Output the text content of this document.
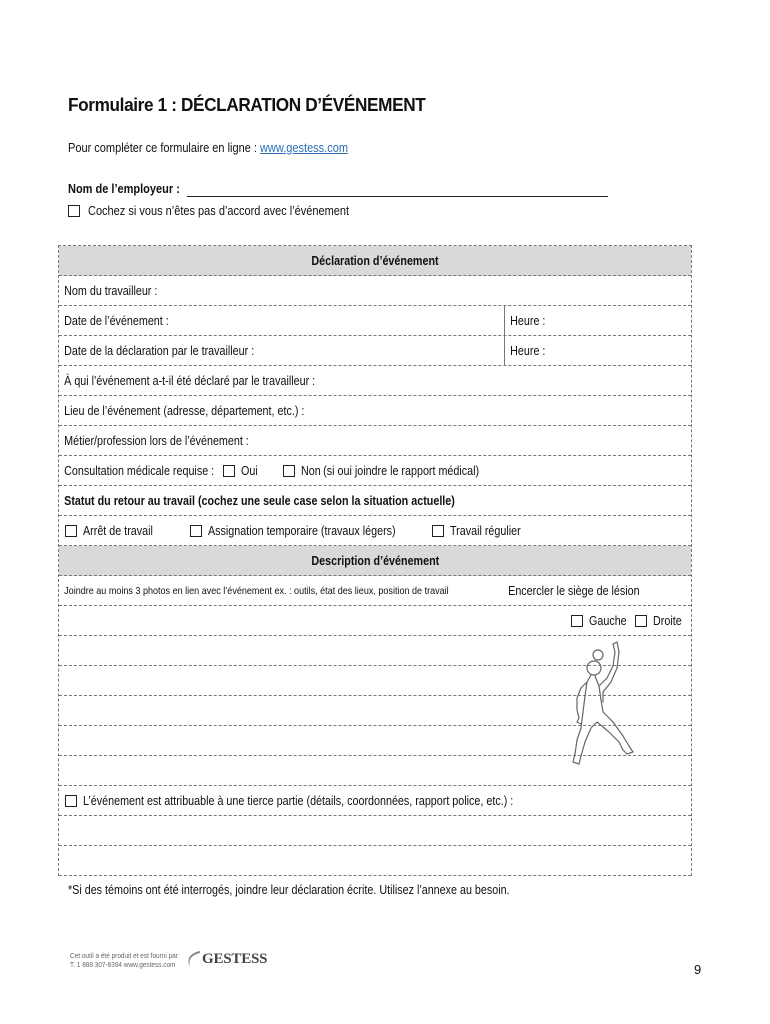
Formulaire 1 : DÉCLARATION D’ÉVÉNEMENT
Pour compléter ce formulaire en ligne : www.gestess.com
Nom de l’employeur :
Cochez si vous n’êtes pas d’accord avec l’événement
Déclaration d’événement
Nom du travailleur :
Date de l’événement :	Heure :
Date de la déclaration par le travailleur :	Heure :
À qui l’événement a-t-il été déclaré par le travailleur :
Lieu de l’événement (adresse, département, etc.) :
Métier/profession lors de l’événement :
Consultation médicale requise : Oui	Non (si oui joindre le rapport médical)
Statut du retour au travail (cochez une seule case selon la situation actuelle)
Arrêt de travail	Assignation temporaire (travaux légers)	Travail régulier
Description d’événement
Joindre au moins 3 photos en lien avec l’événement ex. : outils, état des lieux, position de travail	Encercler le siège de lésion
Gauche Droite
L’événement est attribuable à une tierce partie (détails, coordonnées, rapport police, etc.) :
*Si des témoins ont été interrogés, joindre leur déclaration écrite. Utilisez l’annexe au besoin.
Cet outil a été produit et est fourni par
T. 1 888 307-8394 www.gestess.com GESTESS
9
